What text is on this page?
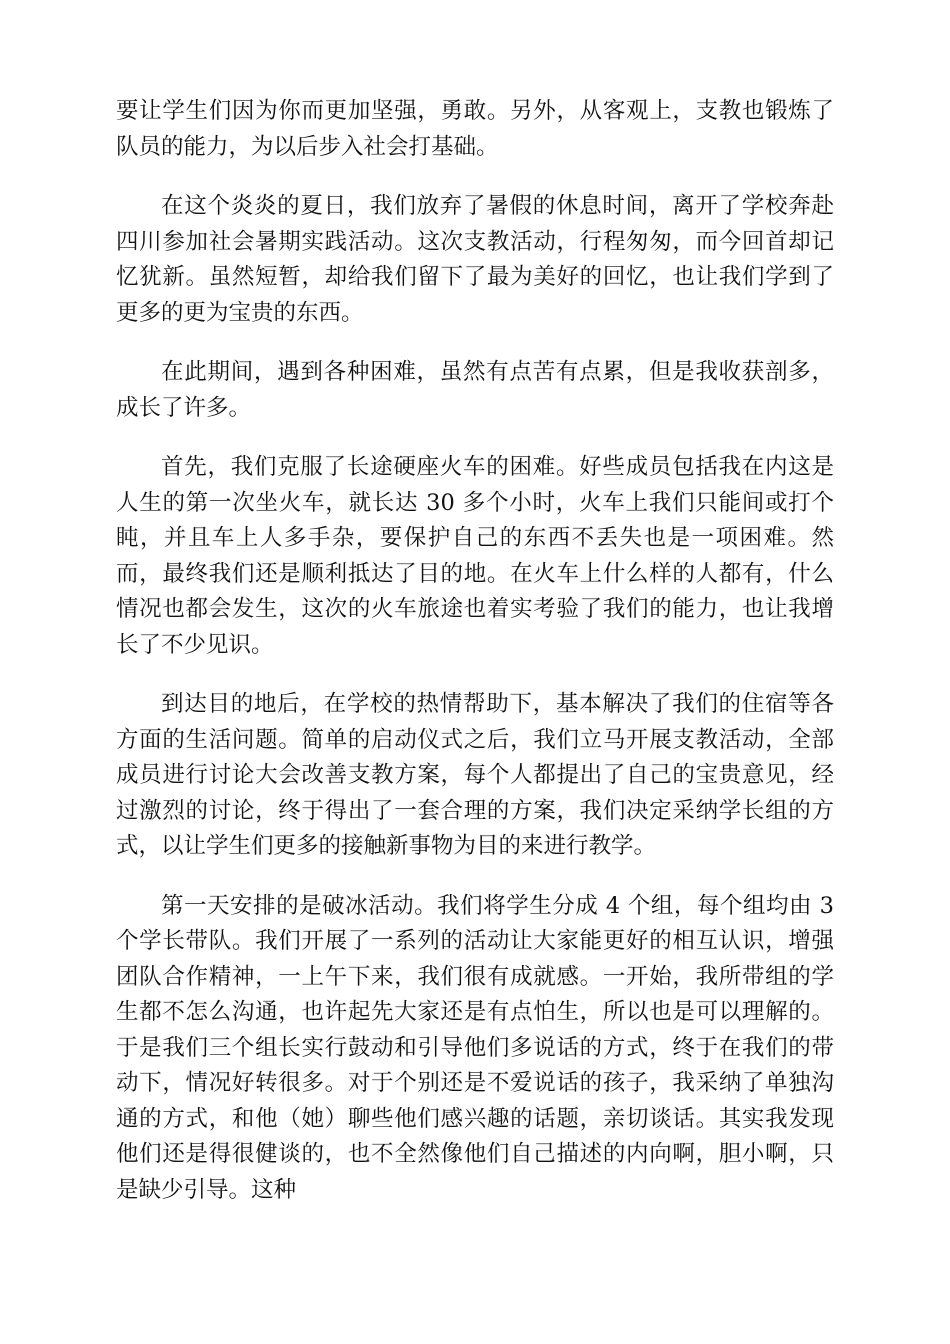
要让学生们因为你而更加坚强，勇敢。另外，从客观上，支教也锻炼了队员的能力，为以后步入社会打基础。

在这个炎炎的夏日，我们放弃了暑假的休息时间，离开了学校奔赴四川参加社会暑期实践活动。这次支教活动，行程匆匆，而今回首却记忆犹新。虽然短暂，却给我们留下了最为美好的回忆，也让我们学到了更多的更为宝贵的东西。

在此期间，遇到各种困难，虽然有点苦有点累，但是我收获剖多，成长了许多。

首先，我们克服了长途硬座火车的困难。好些成员包括我在内这是人生的第一次坐火车，就长达 30 多个小时，火车上我们只能间或打个盹，并且车上人多手杂，要保护自己的东西不丢失也是一项困难。然而，最终我们还是顺利抵达了目的地。在火车上什么样的人都有，什么情况也都会发生，这次的火车旅途也着实考验了我们的能力，也让我增长了不少见识。

到达目的地后，在学校的热情帮助下，基本解决了我们的住宿等各方面的生活问题。简单的启动仪式之后，我们立马开展支教活动，全部成员进行讨论大会改善支教方案，每个人都提出了自己的宝贵意见，经过激烈的讨论，终于得出了一套合理的方案，我们决定采纳学长组的方式，以让学生们更多的接触新事物为目的来进行教学。

第一天安排的是破冰活动。我们将学生分成 4 个组，每个组均由 3 个学长带队。我们开展了一系列的活动让大家能更好的相互认识，增强团队合作精神，一上午下来，我们很有成就感。一开始，我所带组的学生都不怎么沟通，也许起先大家还是有点怕生，所以也是可以理解的。于是我们三个组长实行鼓动和引导他们多说话的方式，终于在我们的带动下，情况好转很多。对于个别还是不爱说话的孩子，我采纳了单独沟通的方式，和他（她）聊些他们感兴趣的话题，亲切谈话。其实我发现他们还是得很健谈的，也不全然像他们自己描述的内向啊，胆小啊，只是缺少引导。这种
